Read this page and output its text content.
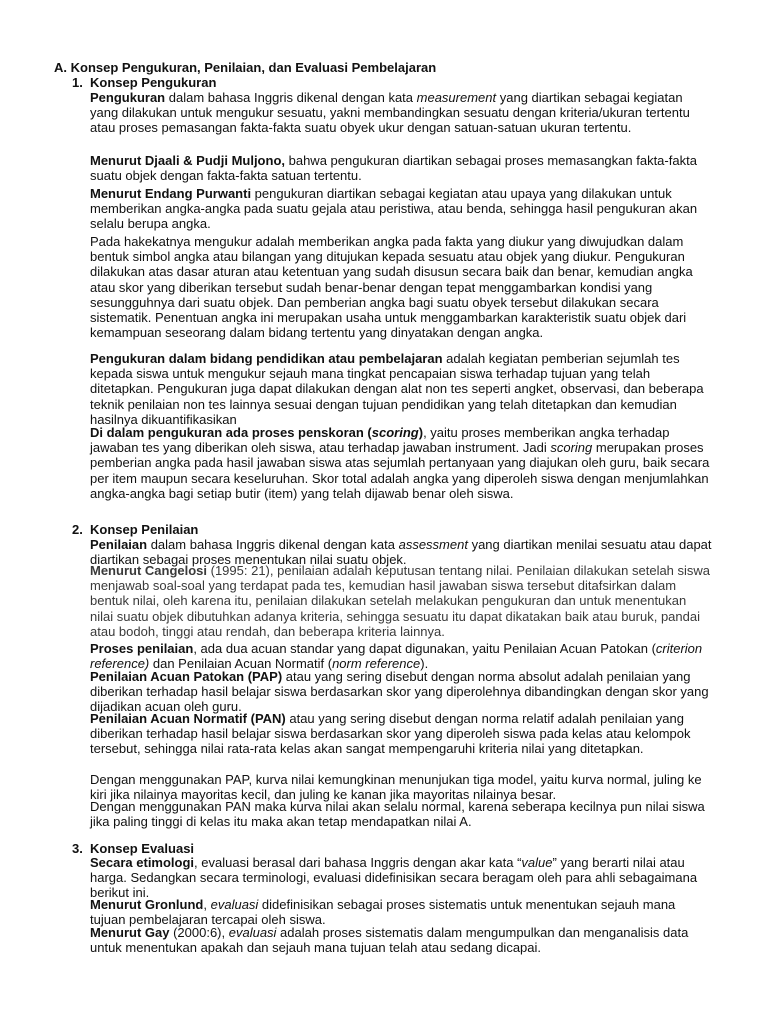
A. Konsep Pengukuran, Penilaian, dan Evaluasi Pembelajaran
1. Konsep Pengukuran

Pengukuran dalam bahasa Inggris dikenal dengan kata measurement yang diartikan sebagai kegiatan yang dilakukan untuk mengukur sesuatu, yakni membandingkan sesuatu dengan kriteria/ukuran tertentu atau proses pemasangan fakta-fakta suatu obyek ukur dengan satuan-satuan ukuran tertentu.

Menurut Djaali & Pudji Muljono, bahwa pengukuran diartikan sebagai proses memasangkan fakta-fakta suatu objek dengan fakta-fakta satuan tertentu.

Menurut Endang Purwanti pengukuran diartikan sebagai kegiatan atau upaya yang dilakukan untuk memberikan angka-angka pada suatu gejala atau peristiwa, atau benda, sehingga hasil pengukuran akan selalu berupa angka.

Pada hakekatnya mengukur adalah memberikan angka pada fakta yang diukur yang diwujudkan dalam bentuk simbol angka atau bilangan yang ditujukan kepada sesuatu atau objek yang diukur. Pengukuran dilakukan atas dasar aturan atau ketentuan yang sudah disusun secara baik dan benar, kemudian angka atau skor yang diberikan tersebut sudah benar-benar dengan tepat menggambarkan kondisi yang sesungguhnya dari suatu objek. Dan pemberian angka bagi suatu obyek tersebut dilakukan secara sistematik. Penentuan angka ini merupakan usaha untuk menggambarkan karakteristik suatu objek dari kemampuan seseorang dalam bidang tertentu yang dinyatakan dengan angka.

Pengukuran dalam bidang pendidikan atau pembelajaran adalah kegiatan pemberian sejumlah tes kepada siswa untuk mengukur sejauh mana tingkat pencapaian siswa terhadap tujuan yang telah ditetapkan. Pengukuran juga dapat dilakukan dengan alat non tes seperti angket, observasi, dan beberapa teknik penilaian non tes lainnya sesuai dengan tujuan pendidikan yang telah ditetapkan dan kemudian hasilnya dikuantifikasikan

Di dalam pengukuran ada proses penskoran (scoring), yaitu proses memberikan angka terhadap jawaban tes yang diberikan oleh siswa, atau terhadap jawaban instrument. Jadi scoring merupakan proses pemberian angka pada hasil jawaban siswa atas sejumlah pertanyaan yang diajukan oleh guru, baik secara per item maupun secara keseluruhan. Skor total adalah angka yang diperoleh siswa dengan menjumlahkan angka-angka bagi setiap butir (item) yang telah dijawab benar oleh siswa.

2. Konsep Penilaian

Penilaian dalam bahasa Inggris dikenal dengan kata assessment yang diartikan menilai sesuatu atau dapat diartikan sebagai proses menentukan nilai suatu objek.

Menurut Cangelosi (1995: 21), penilaian adalah keputusan tentang nilai. Penilaian dilakukan setelah siswa menjawab soal-soal yang terdapat pada tes, kemudian hasil jawaban siswa tersebut ditafsirkan dalam bentuk nilai, oleh karena itu, penilaian dilakukan setelah melakukan pengukuran dan untuk menentukan nilai suatu objek dibutuhkan adanya kriteria, sehingga sesuatu itu dapat dikatakan baik atau buruk, pandai atau bodoh, tinggi atau rendah, dan beberapa kriteria lainnya.

Proses penilaian, ada dua acuan standar yang dapat digunakan, yaitu Penilaian Acuan Patokan (criterion reference) dan Penilaian Acuan Normatif (norm reference).

Penilaian Acuan Patokan (PAP) atau yang sering disebut dengan norma absolut adalah penilaian yang diberikan terhadap hasil belajar siswa berdasarkan skor yang diperolehnya dibandingkan dengan skor yang dijadikan acuan oleh guru.

Penilaian Acuan Normatif (PAN) atau yang sering disebut dengan norma relatif adalah penilaian yang diberikan terhadap hasil belajar siswa berdasarkan skor yang diperoleh siswa pada kelas atau kelompok tersebut, sehingga nilai rata-rata kelas akan sangat mempengaruhi kriteria nilai yang ditetapkan.

Dengan menggunakan PAP, kurva nilai kemungkinan menunjukan tiga model, yaitu kurva normal, juling ke kiri jika nilainya mayoritas kecil, dan juling ke kanan jika mayoritas nilainya besar.

Dengan menggunakan PAN maka kurva nilai akan selalu normal, karena seberapa kecilnya pun nilai siswa jika paling tinggi di kelas itu maka akan tetap mendapatkan nilai A.

3. Konsep Evaluasi

Secara etimologi, evaluasi berasal dari bahasa Inggris dengan akar kata “value” yang berarti nilai atau harga. Sedangkan secara terminologi, evaluasi didefinisikan secara beragam oleh para ahli sebagaimana berikut ini.

Menurut Gronlund, evaluasi didefinisikan sebagai proses sistematis untuk menentukan sejauh mana tujuan pembelajaran tercapai oleh siswa.

Menurut Gay (2000:6), evaluasi adalah proses sistematis dalam mengumpulkan dan menganalisis data untuk menentukan apakah dan sejauh mana tujuan telah atau sedang dicapai.
